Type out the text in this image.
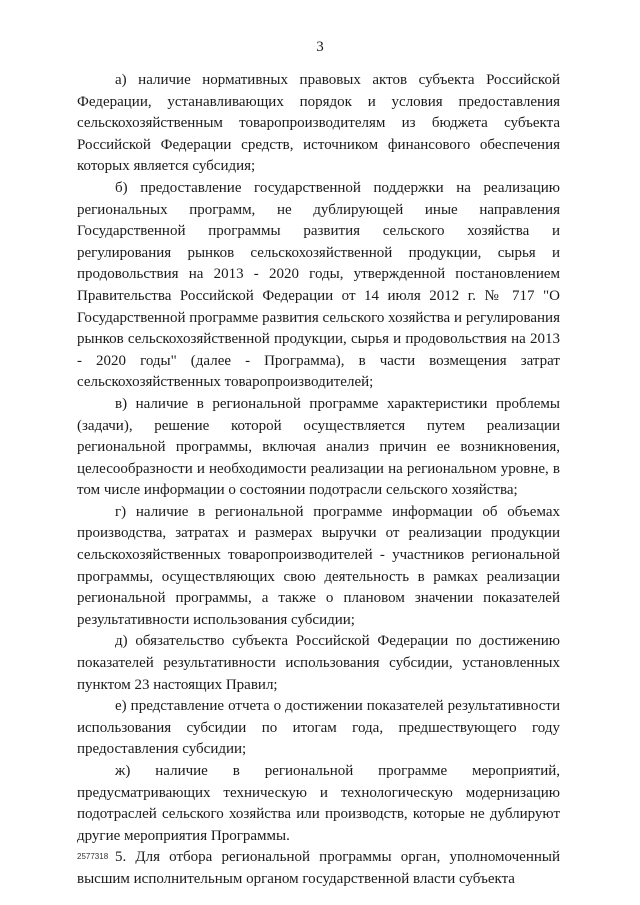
3

а) наличие нормативных правовых актов субъекта Российской Федерации, устанавливающих порядок и условия предоставления сельскохозяйственным товаропроизводителям из бюджета субъекта Российской Федерации средств, источником финансового обеспечения которых является субсидия;

б) предоставление государственной поддержки на реализацию региональных программ, не дублирующей иные направления Государственной программы развития сельского хозяйства и регулирования рынков сельскохозяйственной продукции, сырья и продовольствия на 2013 - 2020 годы, утвержденной постановлением Правительства Российской Федерации от 14 июля 2012 г. № 717 "О Государственной программе развития сельского хозяйства и регулирования рынков сельскохозяйственной продукции, сырья и продовольствия на 2013 - 2020 годы" (далее - Программа), в части возмещения затрат сельскохозяйственных товаропроизводителей;

в) наличие в региональной программе характеристики проблемы (задачи), решение которой осуществляется путем реализации региональной программы, включая анализ причин ее возникновения, целесообразности и необходимости реализации на региональном уровне, в том числе информации о состоянии подотрасли сельского хозяйства;

г) наличие в региональной программе информации об объемах производства, затратах и размерах выручки от реализации продукции сельскохозяйственных товаропроизводителей - участников региональной программы, осуществляющих свою деятельность в рамках реализации региональной программы, а также о плановом значении показателей результативности использования субсидии;

д) обязательство субъекта Российской Федерации по достижению показателей результативности использования субсидии, установленных пунктом 23 настоящих Правил;

е) представление отчета о достижении показателей результативности использования субсидии по итогам года, предшествующего году предоставления субсидии;

ж) наличие в региональной программе мероприятий, предусматривающих техническую и технологическую модернизацию подотраслей сельского хозяйства или производств, которые не дублируют другие мероприятия Программы.

5. Для отбора региональной программы орган, уполномоченный высшим исполнительным органом государственной власти субъекта

2577318
